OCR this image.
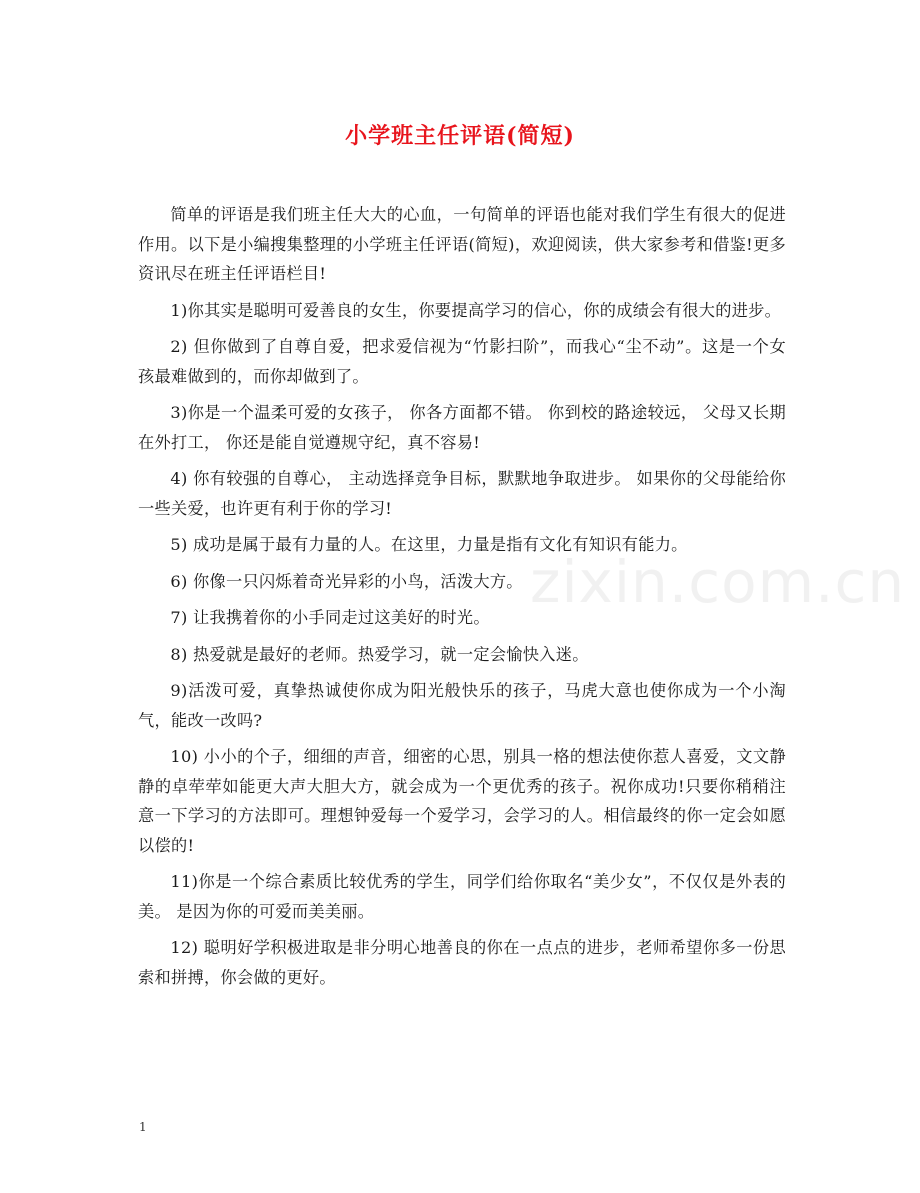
小学班主任评语(简短)

简单的评语是我们班主任大大的心血，一句简单的评语也能对我们学生有很大的促进作用。以下是小编搜集整理的小学班主任评语(简短)，欢迎阅读，供大家参考和借鉴!更多资讯尽在班主任评语栏目!

1)你其实是聪明可爱善良的女生，你要提高学习的信心，你的成绩会有很大的进步。

2) 但你做到了自尊自爱，把求爱信视为“竹影扫阶”，而我心“尘不动”。这是一个女孩最难做到的，而你却做到了。

3)你是一个温柔可爱的女孩子， 你各方面都不错。 你到校的路途较远， 父母又长期在外打工， 你还是能自觉遵规守纪，真不容易!

4) 你有较强的自尊心， 主动选择竞争目标，默默地争取进步。 如果你的父母能给你一些关爱，也许更有利于你的学习!

5) 成功是属于最有力量的人。在这里，力量是指有文化有知识有能力。

6) 你像一只闪烁着奇光异彩的小鸟，活泼大方。

7) 让我携着你的小手同走过这美好的时光。

8) 热爱就是最好的老师。热爱学习，就一定会愉快入迷。

9)活泼可爱，真挚热诚使你成为阳光般快乐的孩子，马虎大意也使你成为一个小淘气，能改一改吗?

10) 小小的个子，细细的声音，细密的心思，别具一格的想法使你惹人喜爱，文文静静的卓荦荦如能更大声大胆大方，就会成为一个更优秀的孩子。祝你成功!只要你稍稍注意一下学习的方法即可。理想钟爱每一个爱学习，会学习的人。相信最终的你一定会如愿以偿的!

11)你是一个综合素质比较优秀的学生，同学们给你取名“美少女”，不仅仅是外表的美。 是因为你的可爱而美美丽。

12) 聪明好学积极进取是非分明心地善良的你在一点点的进步，老师希望你多一份思索和拼搏，你会做的更好。

zixin.com.cn
1
